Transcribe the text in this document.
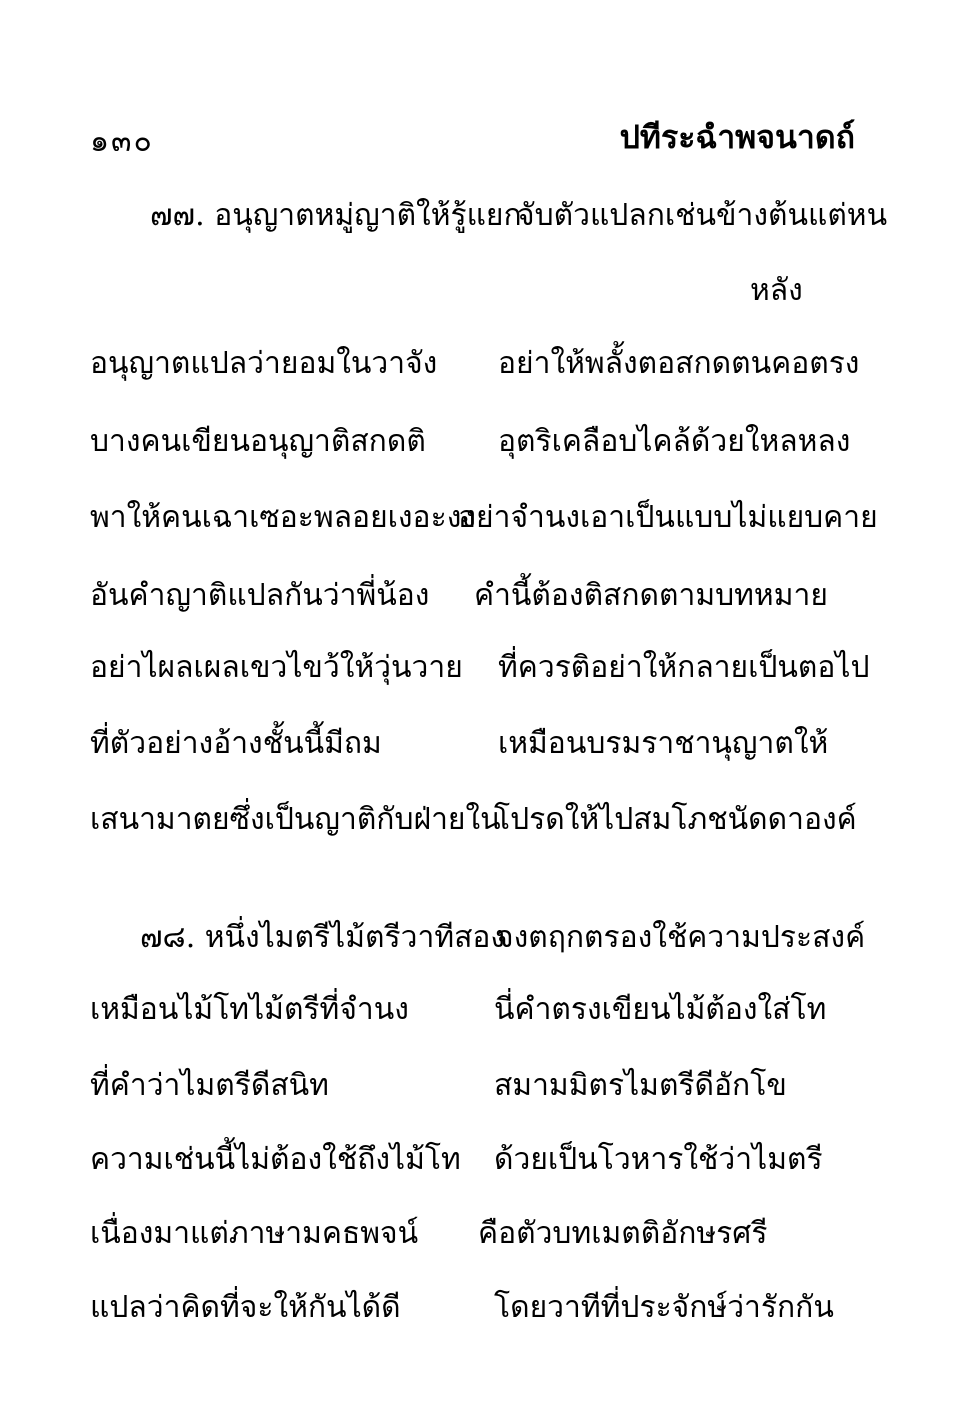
๑๓๐	ปทีระฉำพจนาดถ์
๗๗. อนุญาตหมู่ญาติให้รู้แยก
จับตัวแปลกเช่นข้างต้นแต่หน
หลัง
อนุญาตแปลว่ายอมในวาจัง อย่าให้พลั้งตอสกดตนคอตรง
บางคนเขียนอนุญาติสกดติ อุตริเคลือบไคล้ด้วยใหลหลง
พาให้คนเฉาเซอะพลอยเงอะงง
อย่าจำนงเอาเป็นแบบไม่แยบคาย
อันคำญาติแปลกันว่าพี่น้อง คำนี้ต้องติสกดตามบทหมาย
อย่าไผลเผลเขวไขว้ให้วุ่นวาย ที่ควรติอย่าให้กลายเป็นตอไป
ที่ตัวอย่างอ้างชั้นนี้มีถม	เหมือนบรมราชานุญาตให้
เสนามาตยซึ่งเป็นญาติกับฝ่ายใน
โปรดให้ไปสมโภชนัดดาองค์
๗๘. หนึ่งไมตรีไม้ตรีวาทีสอง
จงตฤกตรองใช้ความประสงค์
เหมือนไม้โทไม้ตรีที่จำนง	นี่คำตรงเขียนไม้ต้องใส่โท
ที่คำว่าไมตรีดีสนิท	สมามมิตรไมตรีดีอักโข
ความเช่นนี้ไม่ต้องใช้ถึงไม้โท ด้วยเป็นโวหารใช้ว่าไมตรี
เนื่องมาแต่ภาษามคธพจน์ คือตัวบทเมตติอักษรศรี
แปลว่าคิดที่จะให้กันได้ดี	โดยวาทีที่ประจักษ์ว่ารักกัน
